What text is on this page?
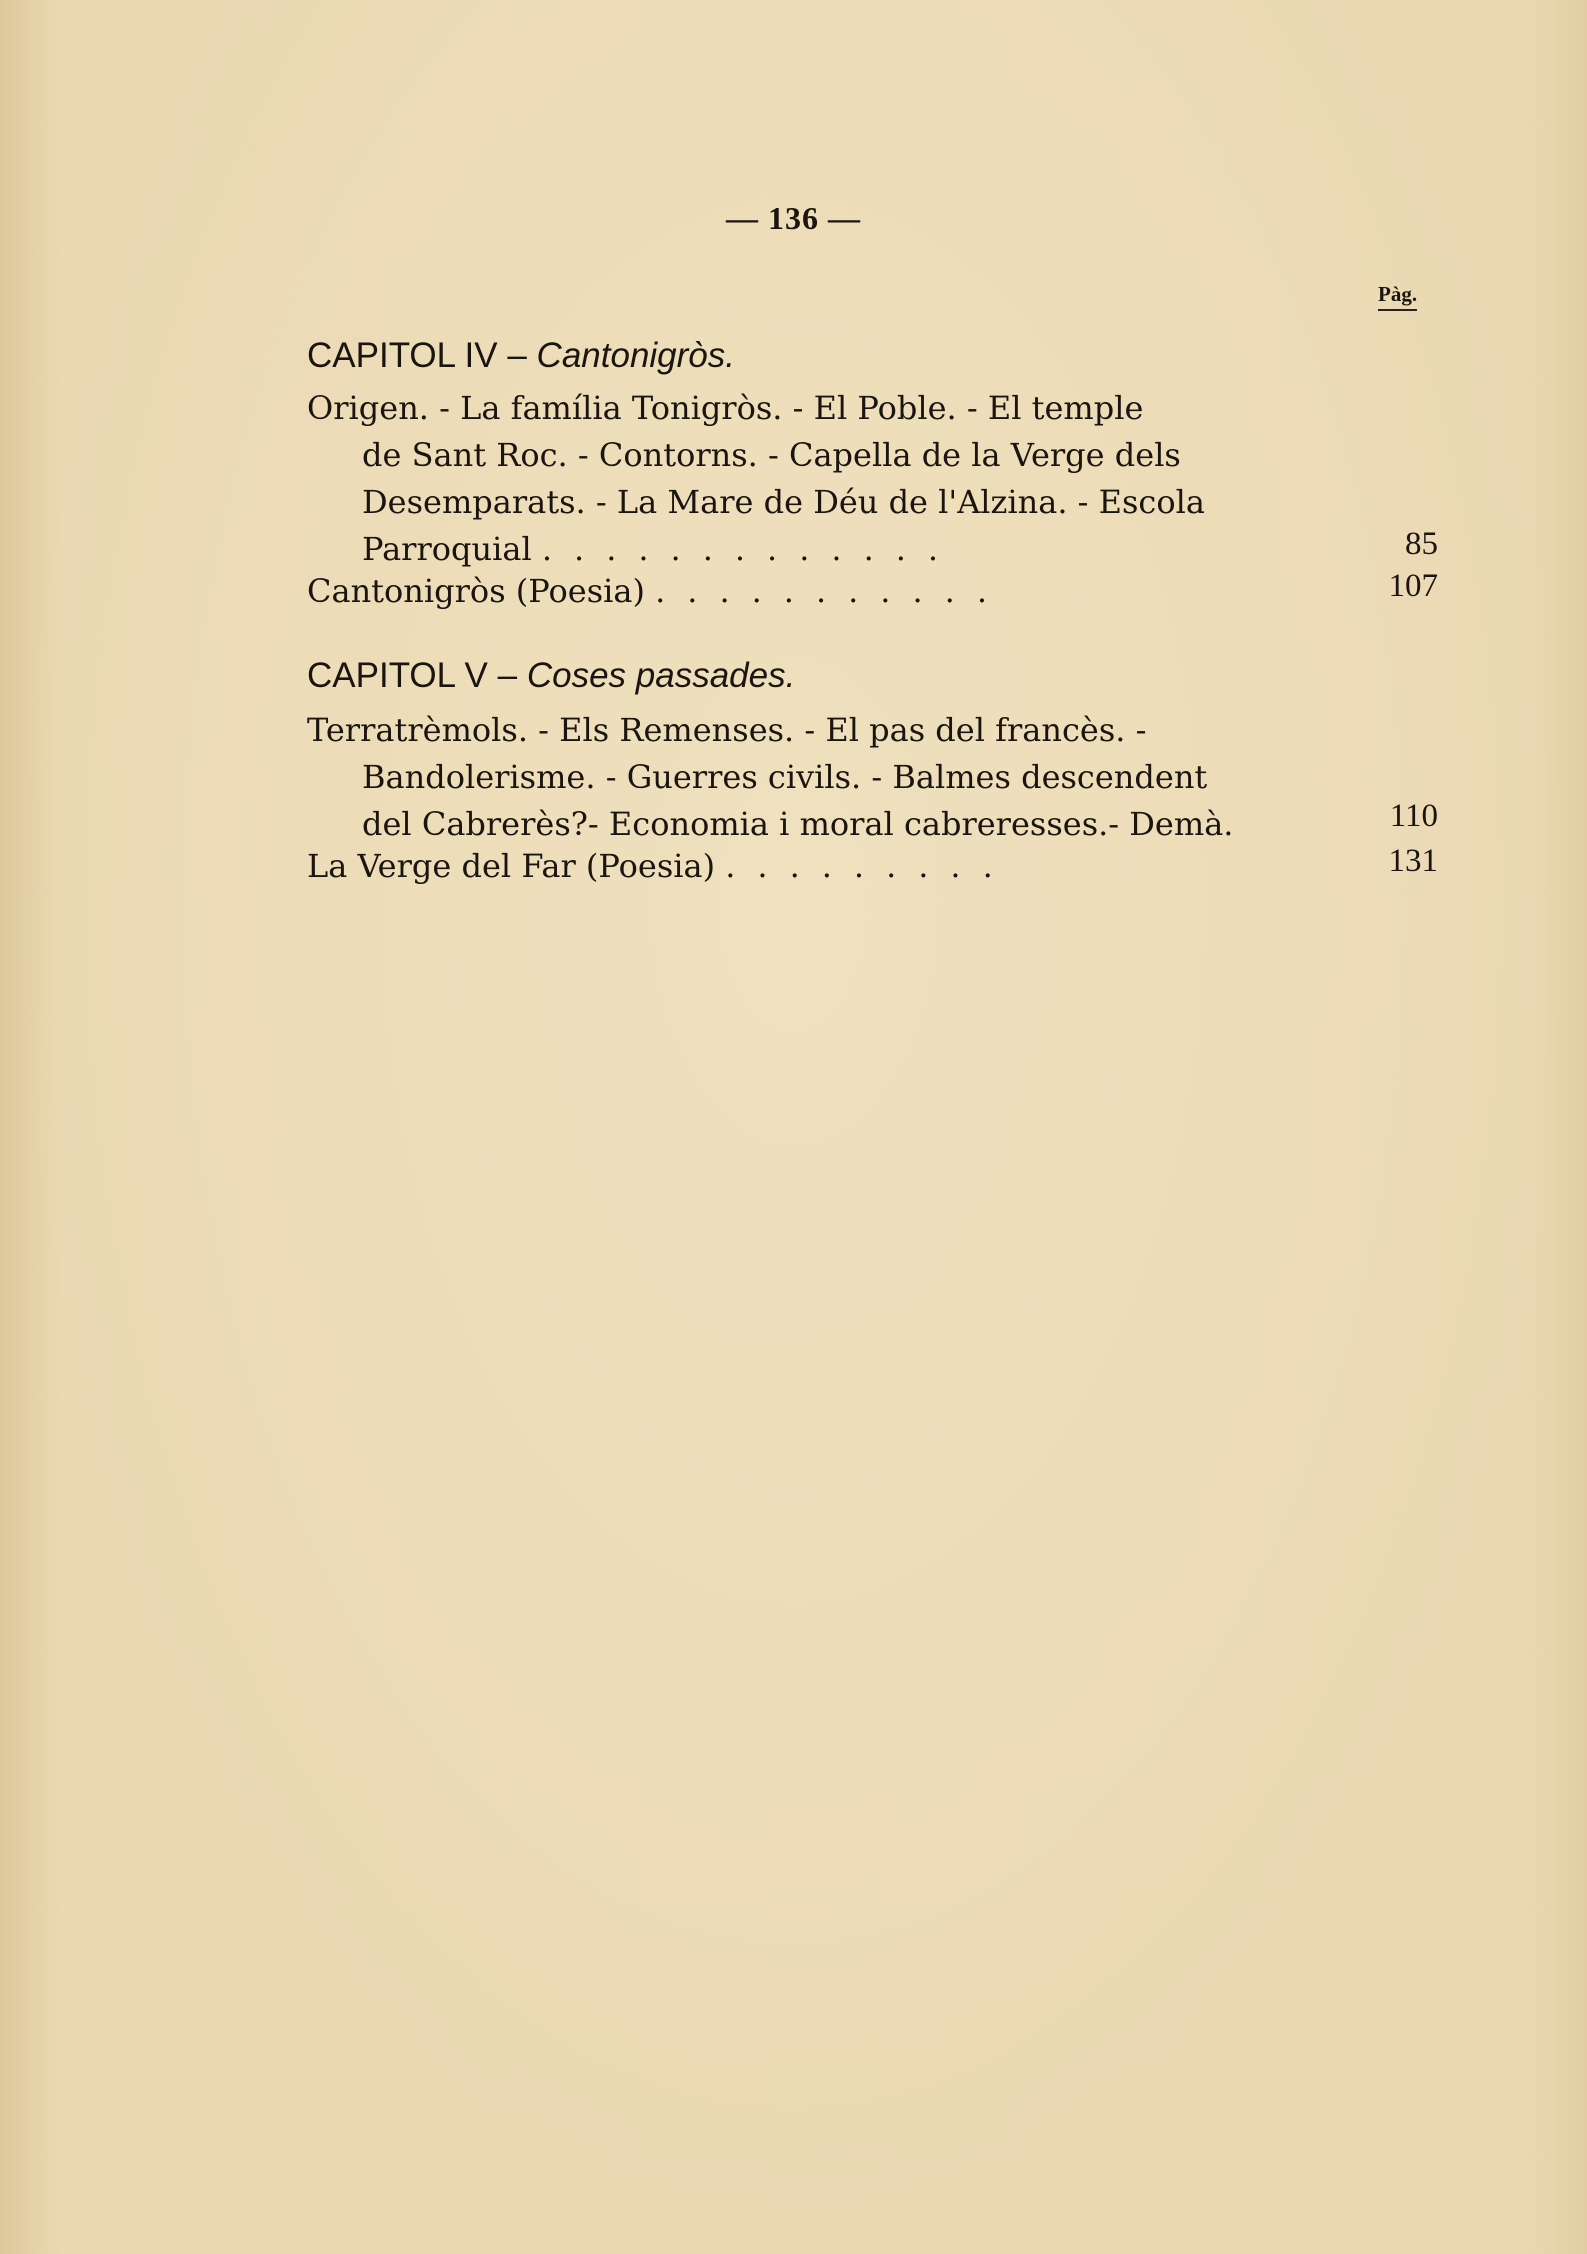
— 136 —
Pàg.
CAPITOL IV – Cantonigròs.
Origen. - La família Tonigròs. - El Poble. - El temple
de Sant Roc. - Contorns. - Capella de la Verge dels
Desemparats. - La Mare de Déu de l'Alzina. - Escola
Parroquial .............	85
Cantonigròs (Poesia) ...........	107
CAPITOL V – Coses passades.
Terratrèmols. - Els Remenses. - El pas del francès. -
Bandolerisme. - Guerres civils. - Balmes descendent
del Cabrerès?- Economia i moral cabreresses.- Demà.	110
La Verge del Far (Poesia) .........	131
